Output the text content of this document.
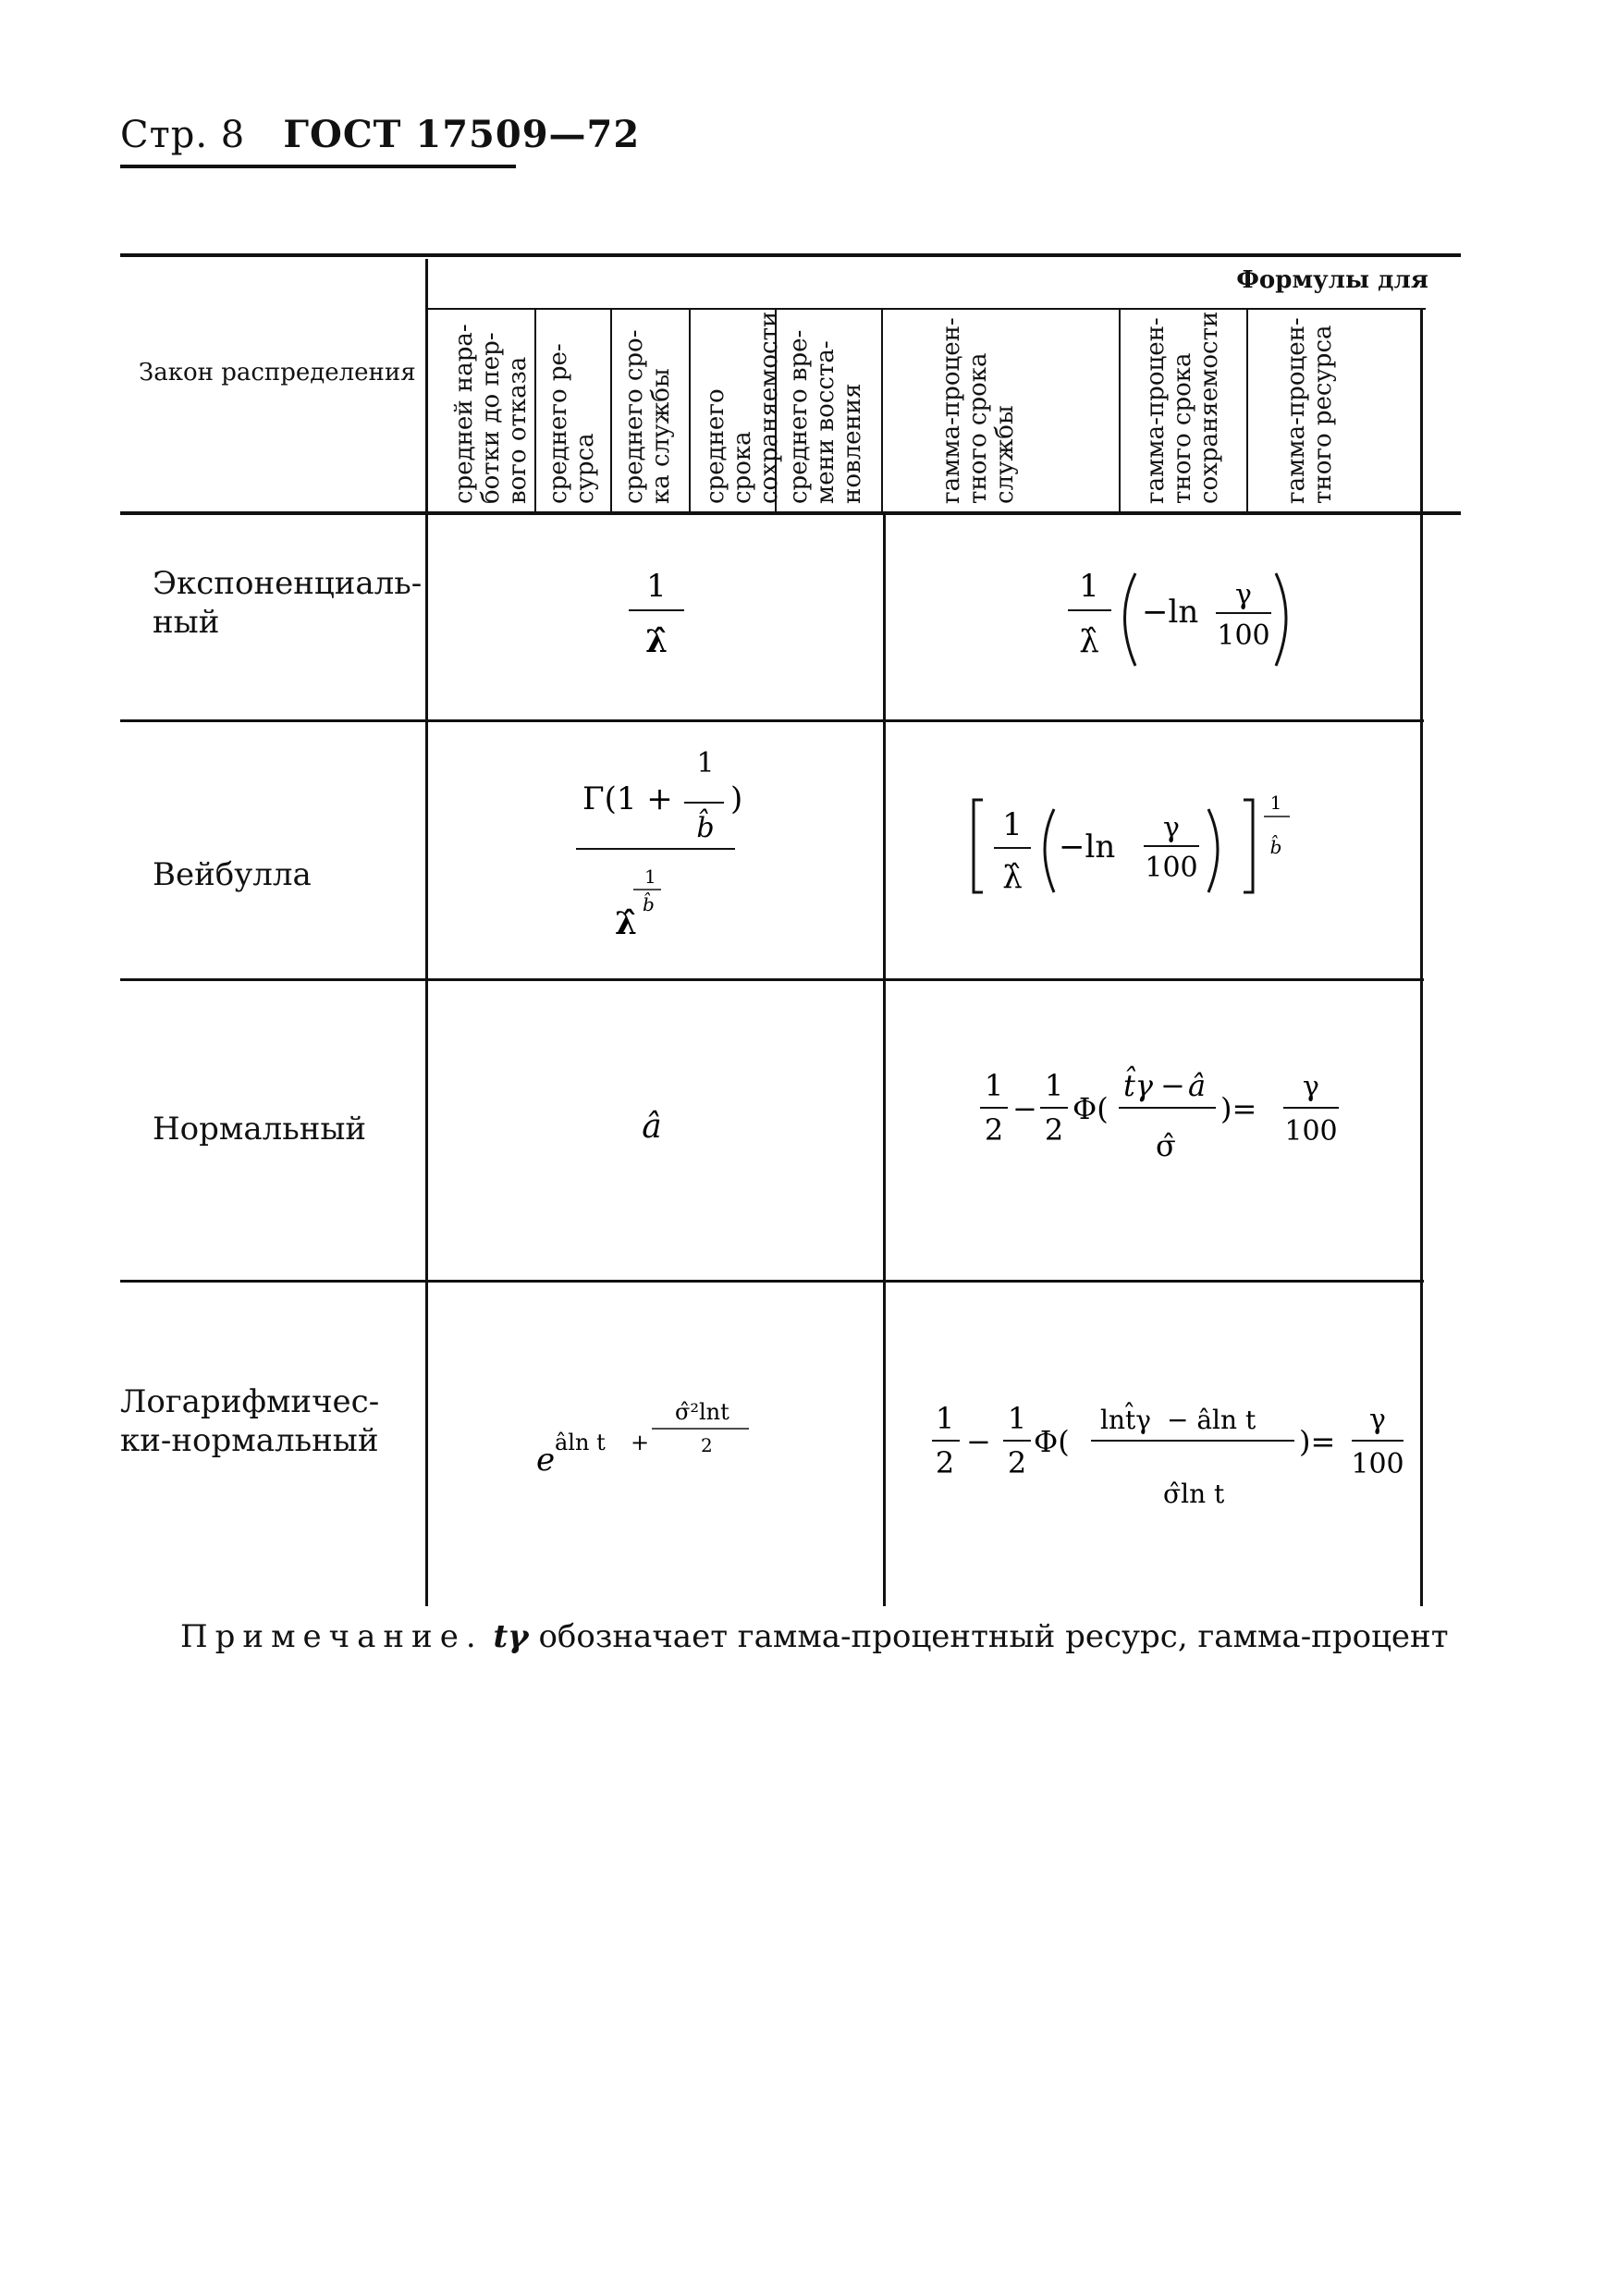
Стр. 8 ГОСТ 17509—72
Закон распределения
Формулы для
средней нара-
ботки до пер-
вого отказа среднего ре-
сурса среднего сро-
ка службы среднего срока
сохраняемости среднего вре-
мени восста-
новления	гамма-процен-
тного срока
службы	гамма-процен-
тного срока
сохраняемости гамма-процен-
тного ресурса
Экспоненциаль-
ный
Вейбулла
Нормальный
Логарифмичес-
ки-нормальный
1
λ̂
1
λ̂
−ln γ
100
Γ(1 +
1
b̂
)
λ̂
1
b̂
1
λ̂
−ln
γ
100
1
b̂
â
1
2
−
1
2
Φ(
t̂γ − â
σ̂
)=
γ
100
e âln t +
σ̂²lnt
2
1
2
−
1
2
Φ(
lnt̂γ − âln t
σ̂ln t
)=
γ
100
Примечание. tγ обозначает гамма-процентный ресурс, гамма-процент
